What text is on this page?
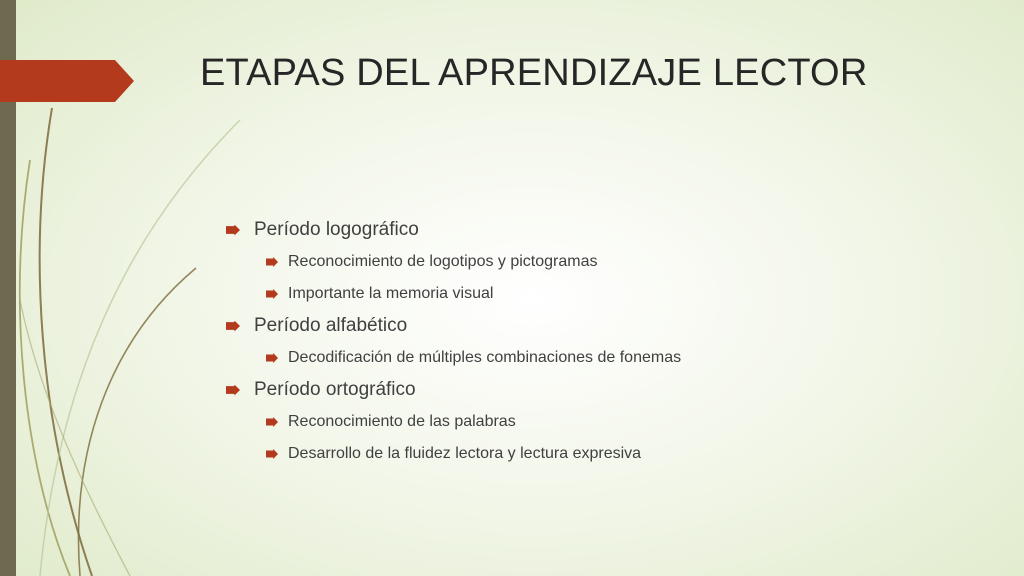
ETAPAS DEL APRENDIZAJE LECTOR
Período logográfico
Reconocimiento de logotipos y pictogramas
Importante la memoria visual
Período alfabético
Decodificación de múltiples combinaciones de fonemas
Período ortográfico
Reconocimiento de las palabras
Desarrollo de la fluidez lectora y lectura expresiva
